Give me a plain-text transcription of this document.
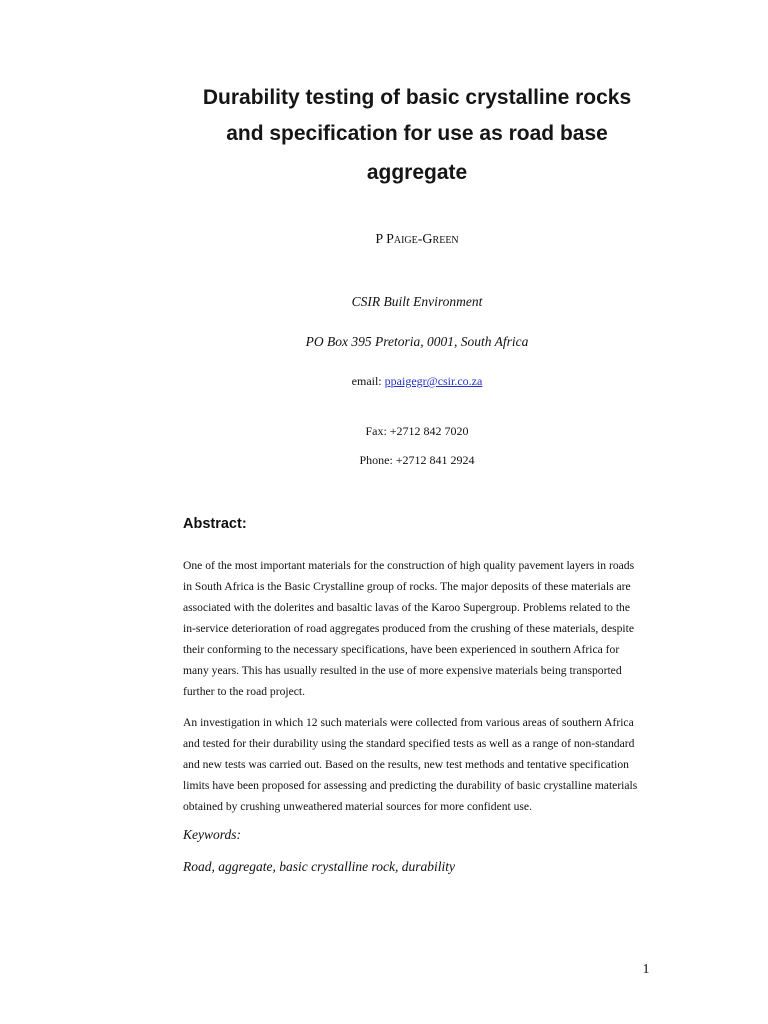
Durability testing of basic crystalline rocks
and specification for use as road base
aggregate
P Paige-Green
CSIR Built Environment
PO Box 395 Pretoria, 0001, South Africa
email: ppaigegr@csir.co.za
Fax: +2712 842 7020
Phone: +2712 841 2924
Abstract:

One of the most important materials for the construction of high quality pavement layers in roads
in South Africa is the Basic Crystalline group of rocks. The major deposits of these materials are
associated with the dolerites and basaltic lavas of the Karoo Supergroup. Problems related to the
in-service deterioration of road aggregates produced from the crushing of these materials, despite
their conforming to the necessary specifications, have been experienced in southern Africa for
many years. This has usually resulted in the use of more expensive materials being transported
further to the road project.

An investigation in which 12 such materials were collected from various areas of southern Africa
and tested for their durability using the standard specified tests as well as a range of non-standard
and new tests was carried out. Based on the results, new test methods and tentative specification
limits have been proposed for assessing and predicting the durability of basic crystalline materials
obtained by crushing unweathered material sources for more confident use.

Keywords:

Road, aggregate, basic crystalline rock, durability

1
